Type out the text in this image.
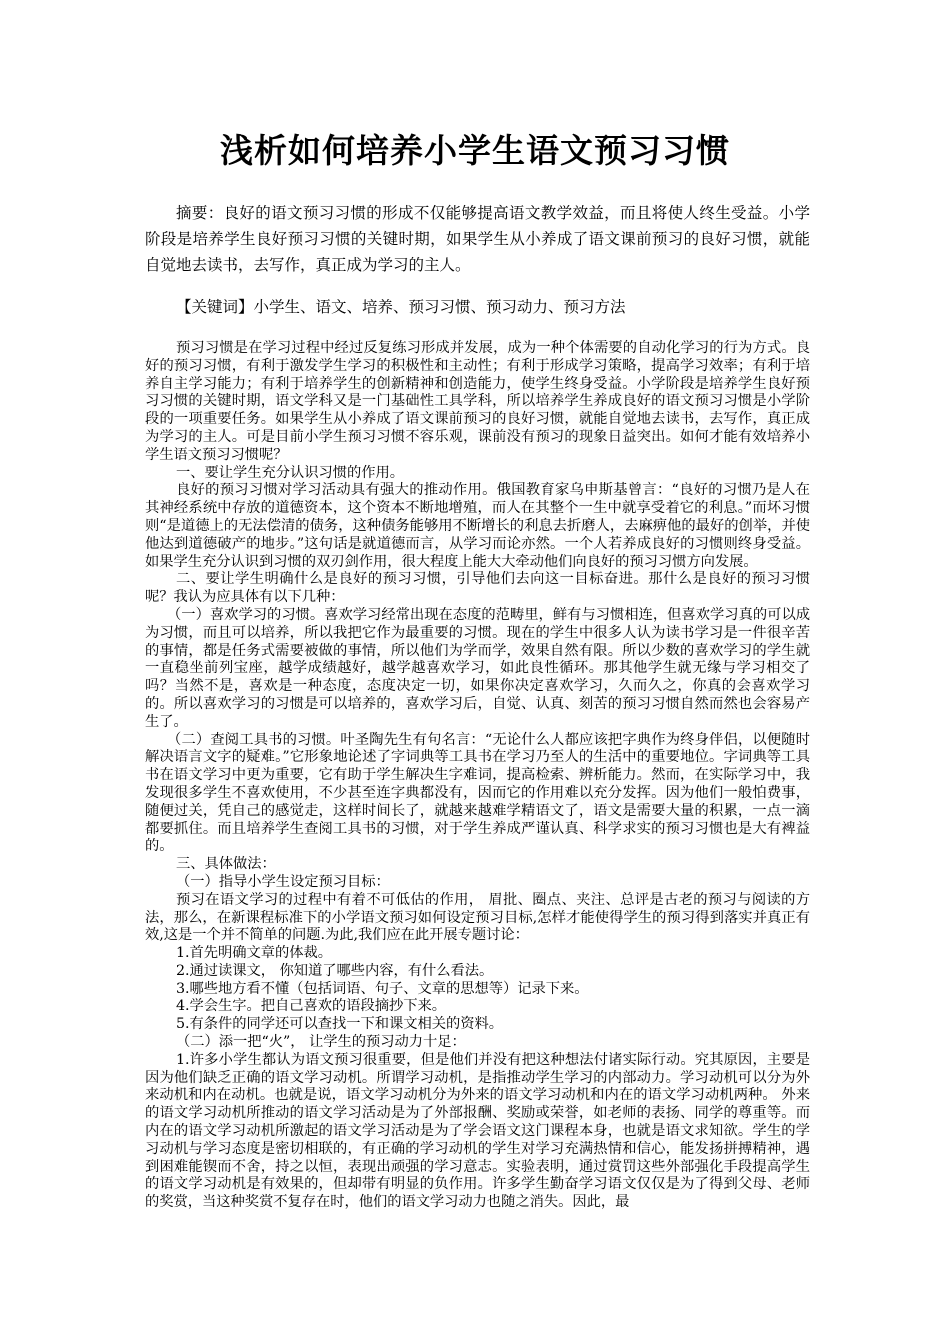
浅析如何培养小学生语文预习习惯

摘要：良好的语文预习习惯的形成不仅能够提高语文教学效益，而且将使人终生受益。小学阶段是培养学生良好预习习惯的关键时期，如果学生从小养成了语文课前预习的良好习惯，就能自觉地去读书，去写作，真正成为学习的主人。

【关键词】小学生、语文、培养、预习习惯、预习动力、预习方法

预习习惯是在学习过程中经过反复练习形成并发展，成为一种个体需要的自动化学习的行为方式。良好的预习习惯，有利于激发学生学习的积极性和主动性；有利于形成学习策略，提高学习效率；有利于培养自主学习能力；有利于培养学生的创新精神和创造能力，使学生终身受益。小学阶段是培养学生良好预习习惯的关键时期，语文学科又是一门基础性工具学科，所以培养学生养成良好的语文预习习惯是小学阶段的一项重要任务。如果学生从小养成了语文课前预习的良好习惯，就能自觉地去读书，去写作，真正成为学习的主人。可是目前小学生预习习惯不容乐观，课前没有预习的现象日益突出。如何才能有效培养小学生语文预习习惯呢？

一、要让学生充分认识习惯的作用。

良好的预习习惯对学习活动具有强大的推动作用。俄国教育家乌申斯基曾言：“良好的习惯乃是人在其神经系统中存放的道德资本，这个资本不断地增殖，而人在其整个一生中就享受着它的利息。”而坏习惯则“是道德上的无法偿清的债务，这种债务能够用不断增长的利息去折磨人，去麻痹他的最好的创举，并使他达到道德破产的地步。”这句话是就道德而言，从学习而论亦然。一个人若养成良好的习惯则终身受益。如果学生充分认识到习惯的双刃剑作用，很大程度上能大大牵动他们向良好的预习习惯方向发展。

二、要让学生明确什么是良好的预习习惯，引导他们去向这一目标奋进。那什么是良好的预习习惯呢？我认为应具体有以下几种：

（一）喜欢学习的习惯。喜欢学习经常出现在态度的范畴里，鲜有与习惯相连，但喜欢学习真的可以成为习惯，而且可以培养，所以我把它作为最重要的习惯。现在的学生中很多人认为读书学习是一件很辛苦的事情，都是任务式需要被做的事情，所以他们为学而学，效果自然有限。所以少数的喜欢学习的学生就一直稳坐前列宝座，越学成绩越好，越学越喜欢学习，如此良性循环。那其他学生就无缘与学习相交了吗？当然不是，喜欢是一种态度，态度决定一切，如果你决定喜欢学习，久而久之，你真的会喜欢学习的。所以喜欢学习的习惯是可以培养的，喜欢学习后，自觉、认真、刻苦的预习习惯自然而然也会容易产生了。

（二）查阅工具书的习惯。叶圣陶先生有句名言：“无论什么人都应该把字典作为终身伴侣，以便随时解决语言文字的疑难。”它形象地论述了字词典等工具书在学习乃至人的生活中的重要地位。字词典等工具书在语文学习中更为重要，它有助于学生解决生字难词，提高检索、辨析能力。然而，在实际学习中，我发现很多学生不喜欢使用，不少甚至连字典都没有，因而它的作用难以充分发挥。因为他们一般怕费事，随便过关，凭自己的感觉走，这样时间长了，就越来越难学精语文了，语文是需要大量的积累，一点一滴都要抓住。而且培养学生查阅工具书的习惯，对于学生养成严谨认真、科学求实的预习习惯也是大有裨益的。

三、具体做法：

（一）指导小学生设定预习目标：

预习在语文学习的过程中有着不可低估的作用， 眉批、圈点、夹注、总评是古老的预习与阅读的方法，那么，在新课程标准下的小学语文预习如何设定预习目标,怎样才能使得学生的预习得到落实并真正有效,这是一个并不简单的问题.为此,我们应在此开展专题讨论：

1.首先明确文章的体裁。

2.通过读课文， 你知道了哪些内容，有什么看法。

3.哪些地方看不懂（包括词语、句子、文章的思想等）记录下来。

4.学会生字。把自己喜欢的语段摘抄下来。

5.有条件的同学还可以查找一下和课文相关的资料。

（二）添一把“火”， 让学生的预习动力十足：

1.许多小学生都认为语文预习很重要，但是他们并没有把这种想法付诸实际行动。究其原因，主要是因为他们缺乏正确的语文学习动机。所谓学习动机，是指推动学生学习的内部动力。学习动机可以分为外来动机和内在动机。也就是说，语文学习动机分为外来的语文学习动机和内在的语文学习动机两种。 外来的语文学习动机所推动的语文学习活动是为了外部报酬、奖励或荣誉，如老师的表扬、同学的尊重等。而内在的语文学习动机所激起的语文学习活动是为了学会语文这门课程本身，也就是语文求知欲。学生的学习动机与学习态度是密切相联的，有正确的学习动机的学生对学习充满热情和信心，能发扬拼搏精神，遇到困难能锲而不舍，持之以恒，表现出顽强的学习意志。实验表明，通过赏罚这些外部强化手段提高学生的语文学习动机是有效果的，但却带有明显的负作用。许多学生勤奋学习语文仅仅是为了得到父母、老师的奖赏，当这种奖赏不复存在时，他们的语文学习动力也随之消失。因此，最
